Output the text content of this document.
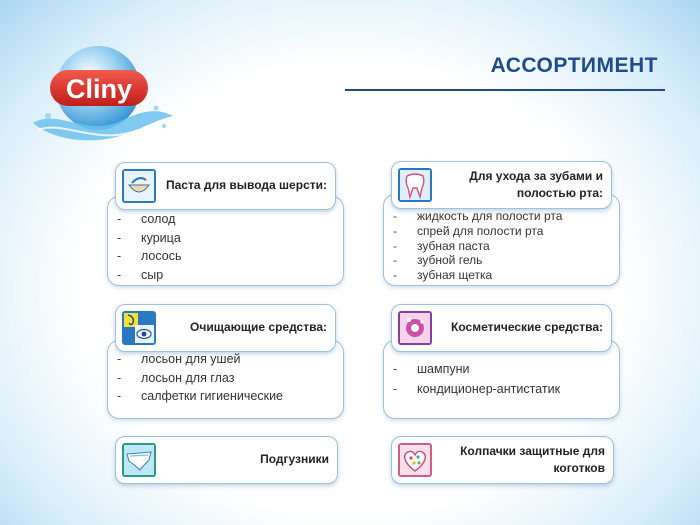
Cliny ®	АССОРТИМЕНТ
Паста для вывода шерсти:
-	солод
-	курица
-	лосось
-	сыр
Для ухода за зубами и полостью рта:
-	жидкость для полости рта
-	спрей для полости рта
-	зубная паста
-	зубной гель
-	зубная щетка
Очищающие средства:
-	лосьон для ушей
-	лосьон для глаз
-	салфетки гигиенические
Косметические средства:
-	шампуни
-	кондиционер-антистатик
Подгузники
Колпачки защитные для коготков
